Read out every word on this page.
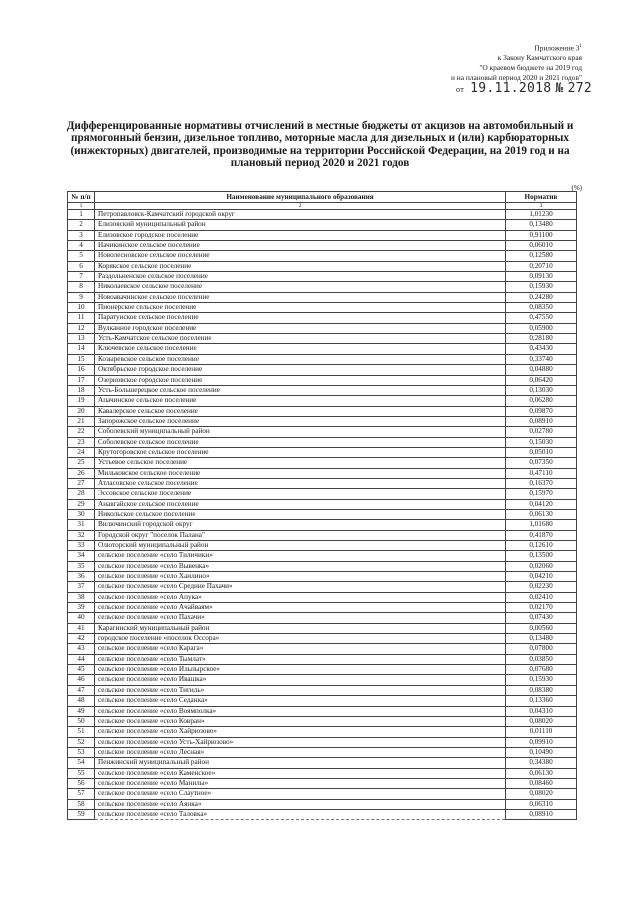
Приложение $3^1$
к Закону Камчатского края
"О краевом бюджете на 2019 год
и на плановый период 2020 и 2021 годов"
от 19.11.2018 № 272
Дифференцированные нормативы отчислений в местные бюджеты от акцизов на автомобильный и прямогонный бензин, дизельное топливо, моторные масла для дизельных и (или) карбюраторных (инжекторных) двигателей, производимые на территории Российской Федерации, на 2019 год и на плановый период 2020 и 2021 годов
(%)
№ п/п	Наименование муниципального образования	Норматив
1	2	3
1	Петропавловск-Камчатский городской округ	1,01230
2	Елизовский муниципальный район	0,13480
3	Елизовское городское поселение	0,91100
4	Начикинское сельское поселение	0,06010
5	Новолесновское сельское поселение	0,12580
6	Корякское сельское поселение	0,20710
7	Раздольненское сельское поселение	0,09130
8	Николаевское сельское поселение	0,15930
9	Новоавачинское сельское поселение	0,24280
10	Пионерское сельское поселение	0,08350
11	Паратунское сельское поселение	0,47550
12	Вулканное городское поселение	0,05900
13	Усть-Камчатское сельское поселение	0,28180
14	Ключевское сельское поселение	0,43430
15	Козыревское сельское поселение	0,33740
16	Октябрьское городское поселение	0,04880
17	Озерновское городское поселение	0,06420
18	Усть-Большерецкое сельское поселение	0,13030
19	Апачинское сельское поселение	0,06280
20	Кавалерское сельское поселение	0,09870
21	Запорожское сельское поселение	0,08910
22	Соболевский муниципальный район	0,02780
23	Соболевское сельское поселение	0,15030
24	Крутогоровское сельское поселение	0,05010
25	Устьевое сельское поселение	0,07350
26	Мильковское сельское поселение	0,47110
27	Атласовское сельское поселение	0,16370
28	Эссовское сельское поселение	0,15970
29	Анавгайское сельское поселение	0,04120
30	Никольское сельское поселение	0,06130
31	Вилючинский городской округ	1,01680
32	Городской округ "поселок Палана"	0,41870
33	Олюторский муниципальный район	0,12610
34	сельское поселение «село Тиличики»	0,13500
35	сельское поселение «село Вывенка»	0,02060
36	сельское поселение «село Хаилино»	0,04210
37	сельское поселение «село Средние Пахачи»	0,02230
38	сельское поселение «село Апука»	0,02410
39	сельское поселение «село Ачайваям»	0,02170
40	сельское поселение «село Пахачи»	0,07430
41	Карагинский муниципальный район	0,00560
42	городское поселение «поселок Оссора»	0,13480
43	сельское поселение «село Карага»	0,07800
44	сельское поселение «село Тымлат»	0,03850
45	сельское поселение «село Ильпырское»	0,07680
46	сельское поселение «село Ивашка»	0,15930
47	сельское поселение «село Тигиль»	0,08380
48	сельское поселение «село Седанка»	0,13360
49	сельское поселение «село Воямполка»	0,04310
50	сельское поселение «село Ковран»	0,08020
51	сельское поселение «село Хайрюзово»	0,01110
52	сельское поселение «село Усть-Хайрюзово»	0,09910
53	сельское поселение «село Лесная»	0,10490
54	Пенжинский муниципальный район	0,34380
55	сельское поселение «село Каменское»	0,06130
56	сельское поселение «село Манилы»	0,08460
57	сельское поселение «село Слаутное»	0,08020
58	сельское поселение «село Аянка»	0,06310
59	сельское поселение «село Таловка»	0,08910
